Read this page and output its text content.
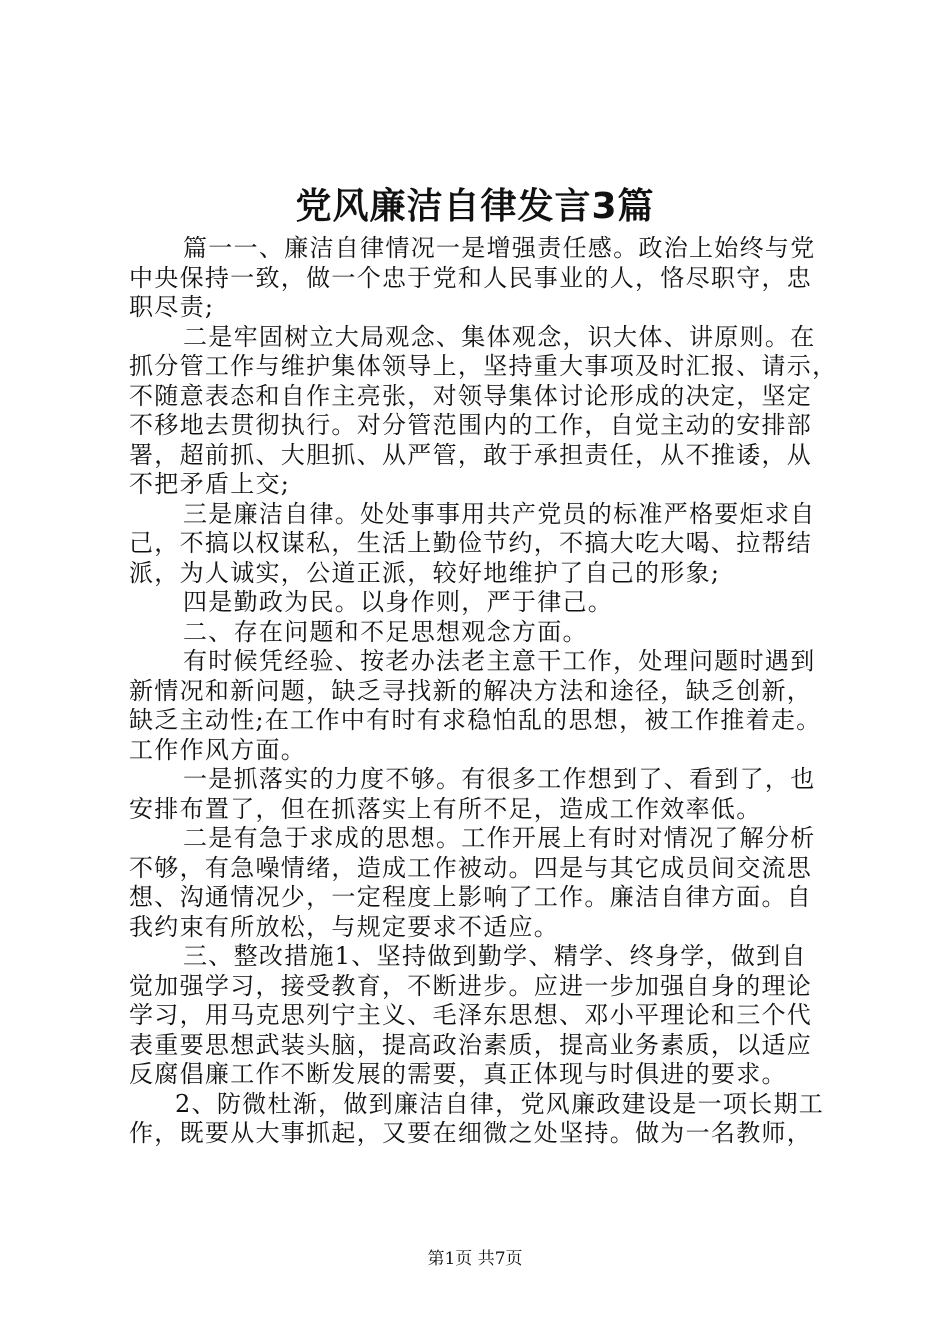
党风廉洁自律发言3篇
篇一一、廉洁自律情况一是增强责任感。政治上始终与党
中央保持一致，做一个忠于党和人民事业的人，恪尽职守，忠
职尽责;
二是牢固树立大局观念、集体观念，识大体、讲原则。在
抓分管工作与维护集体领导上，坚持重大事项及时汇报、请示，
不随意表态和自作主亮张，对领导集体讨论形成的决定，坚定
不移地去贯彻执行。对分管范围内的工作，自觉主动的安排部
署，超前抓、大胆抓、从严管，敢于承担责任，从不推诿，从
不把矛盾上交;
三是廉洁自律。处处事事用共产党员的标准严格要炬求自
己，不搞以权谋私，生活上勤俭节约，不搞大吃大喝、拉帮结
派，为人诚实，公道正派，较好地维护了自己的形象;
四是勤政为民。以身作则，严于律己。
二、存在问题和不足思想观念方面。
有时候凭经验、按老办法老主意干工作，处理问题时遇到
新情况和新问题，缺乏寻找新的解决方法和途径，缺乏创新，
缺乏主动性;在工作中有时有求稳怕乱的思想，被工作推着走。
工作作风方面。
一是抓落实的力度不够。有很多工作想到了、看到了，也
安排布置了，但在抓落实上有所不足，造成工作效率低。
二是有急于求成的思想。工作开展上有时对情况了解分析
不够，有急噪情绪，造成工作被动。四是与其它成员间交流思
想、沟通情况少，一定程度上影响了工作。廉洁自律方面。自
我约束有所放松，与规定要求不适应。
三、整改措施1、坚持做到勤学、精学、终身学，做到自
觉加强学习，接受教育，不断进步。应进一步加强自身的理论
学习，用马克思列宁主义、毛泽东思想、邓小平理论和三个代
表重要思想武装头脑，提高政治素质，提高业务素质，以适应
反腐倡廉工作不断发展的需要，真正体现与时俱进的要求。
2、防微杜渐，做到廉洁自律，党风廉政建设是一项长期工
作，既要从大事抓起，又要在细微之处坚持。做为一名教师，
第1页 共7页
